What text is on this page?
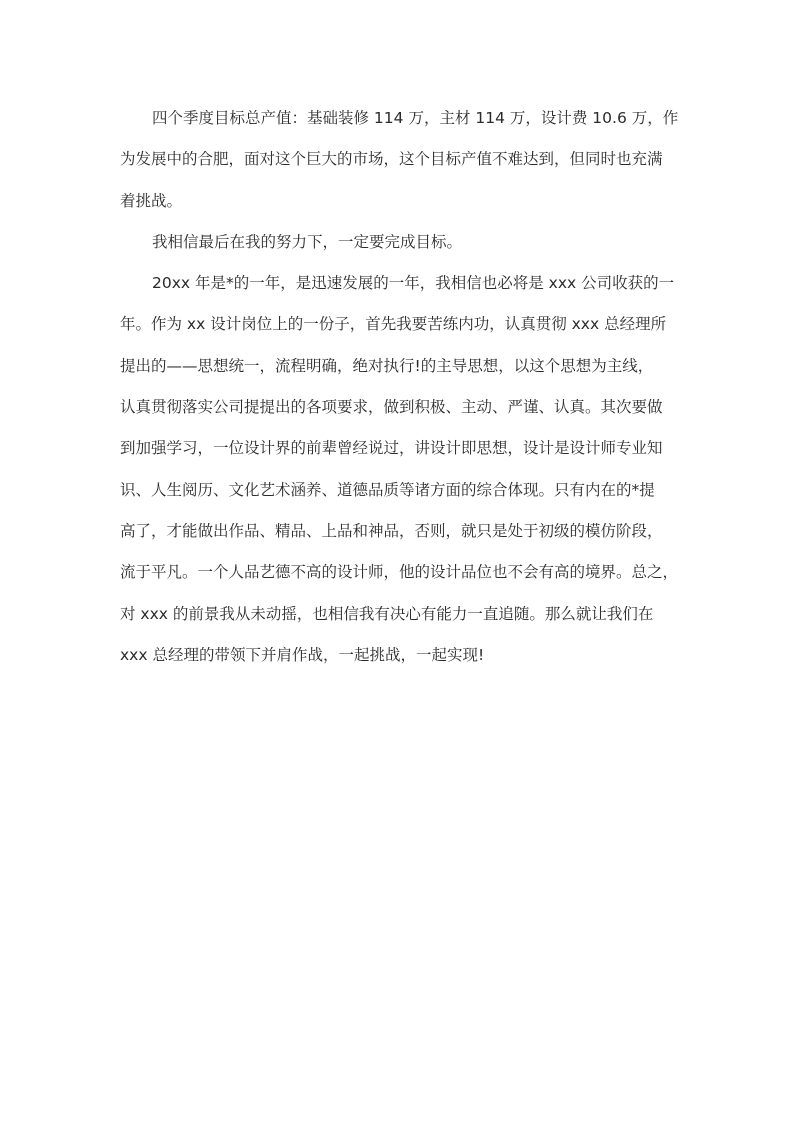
四个季度目标总产值：基础装修 114 万，主材 114 万，设计费 10.6 万，作
为发展中的合肥，面对这个巨大的市场，这个目标产值不难达到，但同时也充满
着挑战。
我相信最后在我的努力下，一定要完成目标。
20xx 年是*的一年，是迅速发展的一年，我相信也必将是 xxx 公司收获的一
年。作为 xx 设计岗位上的一份子，首先我要苦练内功，认真贯彻 xxx 总经理所
提出的——思想统一，流程明确，绝对执行!的主导思想，以这个思想为主线，
认真贯彻落实公司提提出的各项要求，做到积极、主动、严谨、认真。其次要做
到加强学习，一位设计界的前辈曾经说过，讲设计即思想，设计是设计师专业知
识、人生阅历、文化艺术涵养、道德品质等诸方面的综合体现。只有内在的*提
高了，才能做出作品、精品、上品和神品，否则，就只是处于初级的模仿阶段，
流于平凡。一个人品艺德不高的设计师，他的设计品位也不会有高的境界。总之，
对 xxx 的前景我从未动摇，也相信我有决心有能力一直追随。那么就让我们在
xxx 总经理的带领下并肩作战，一起挑战，一起实现!
